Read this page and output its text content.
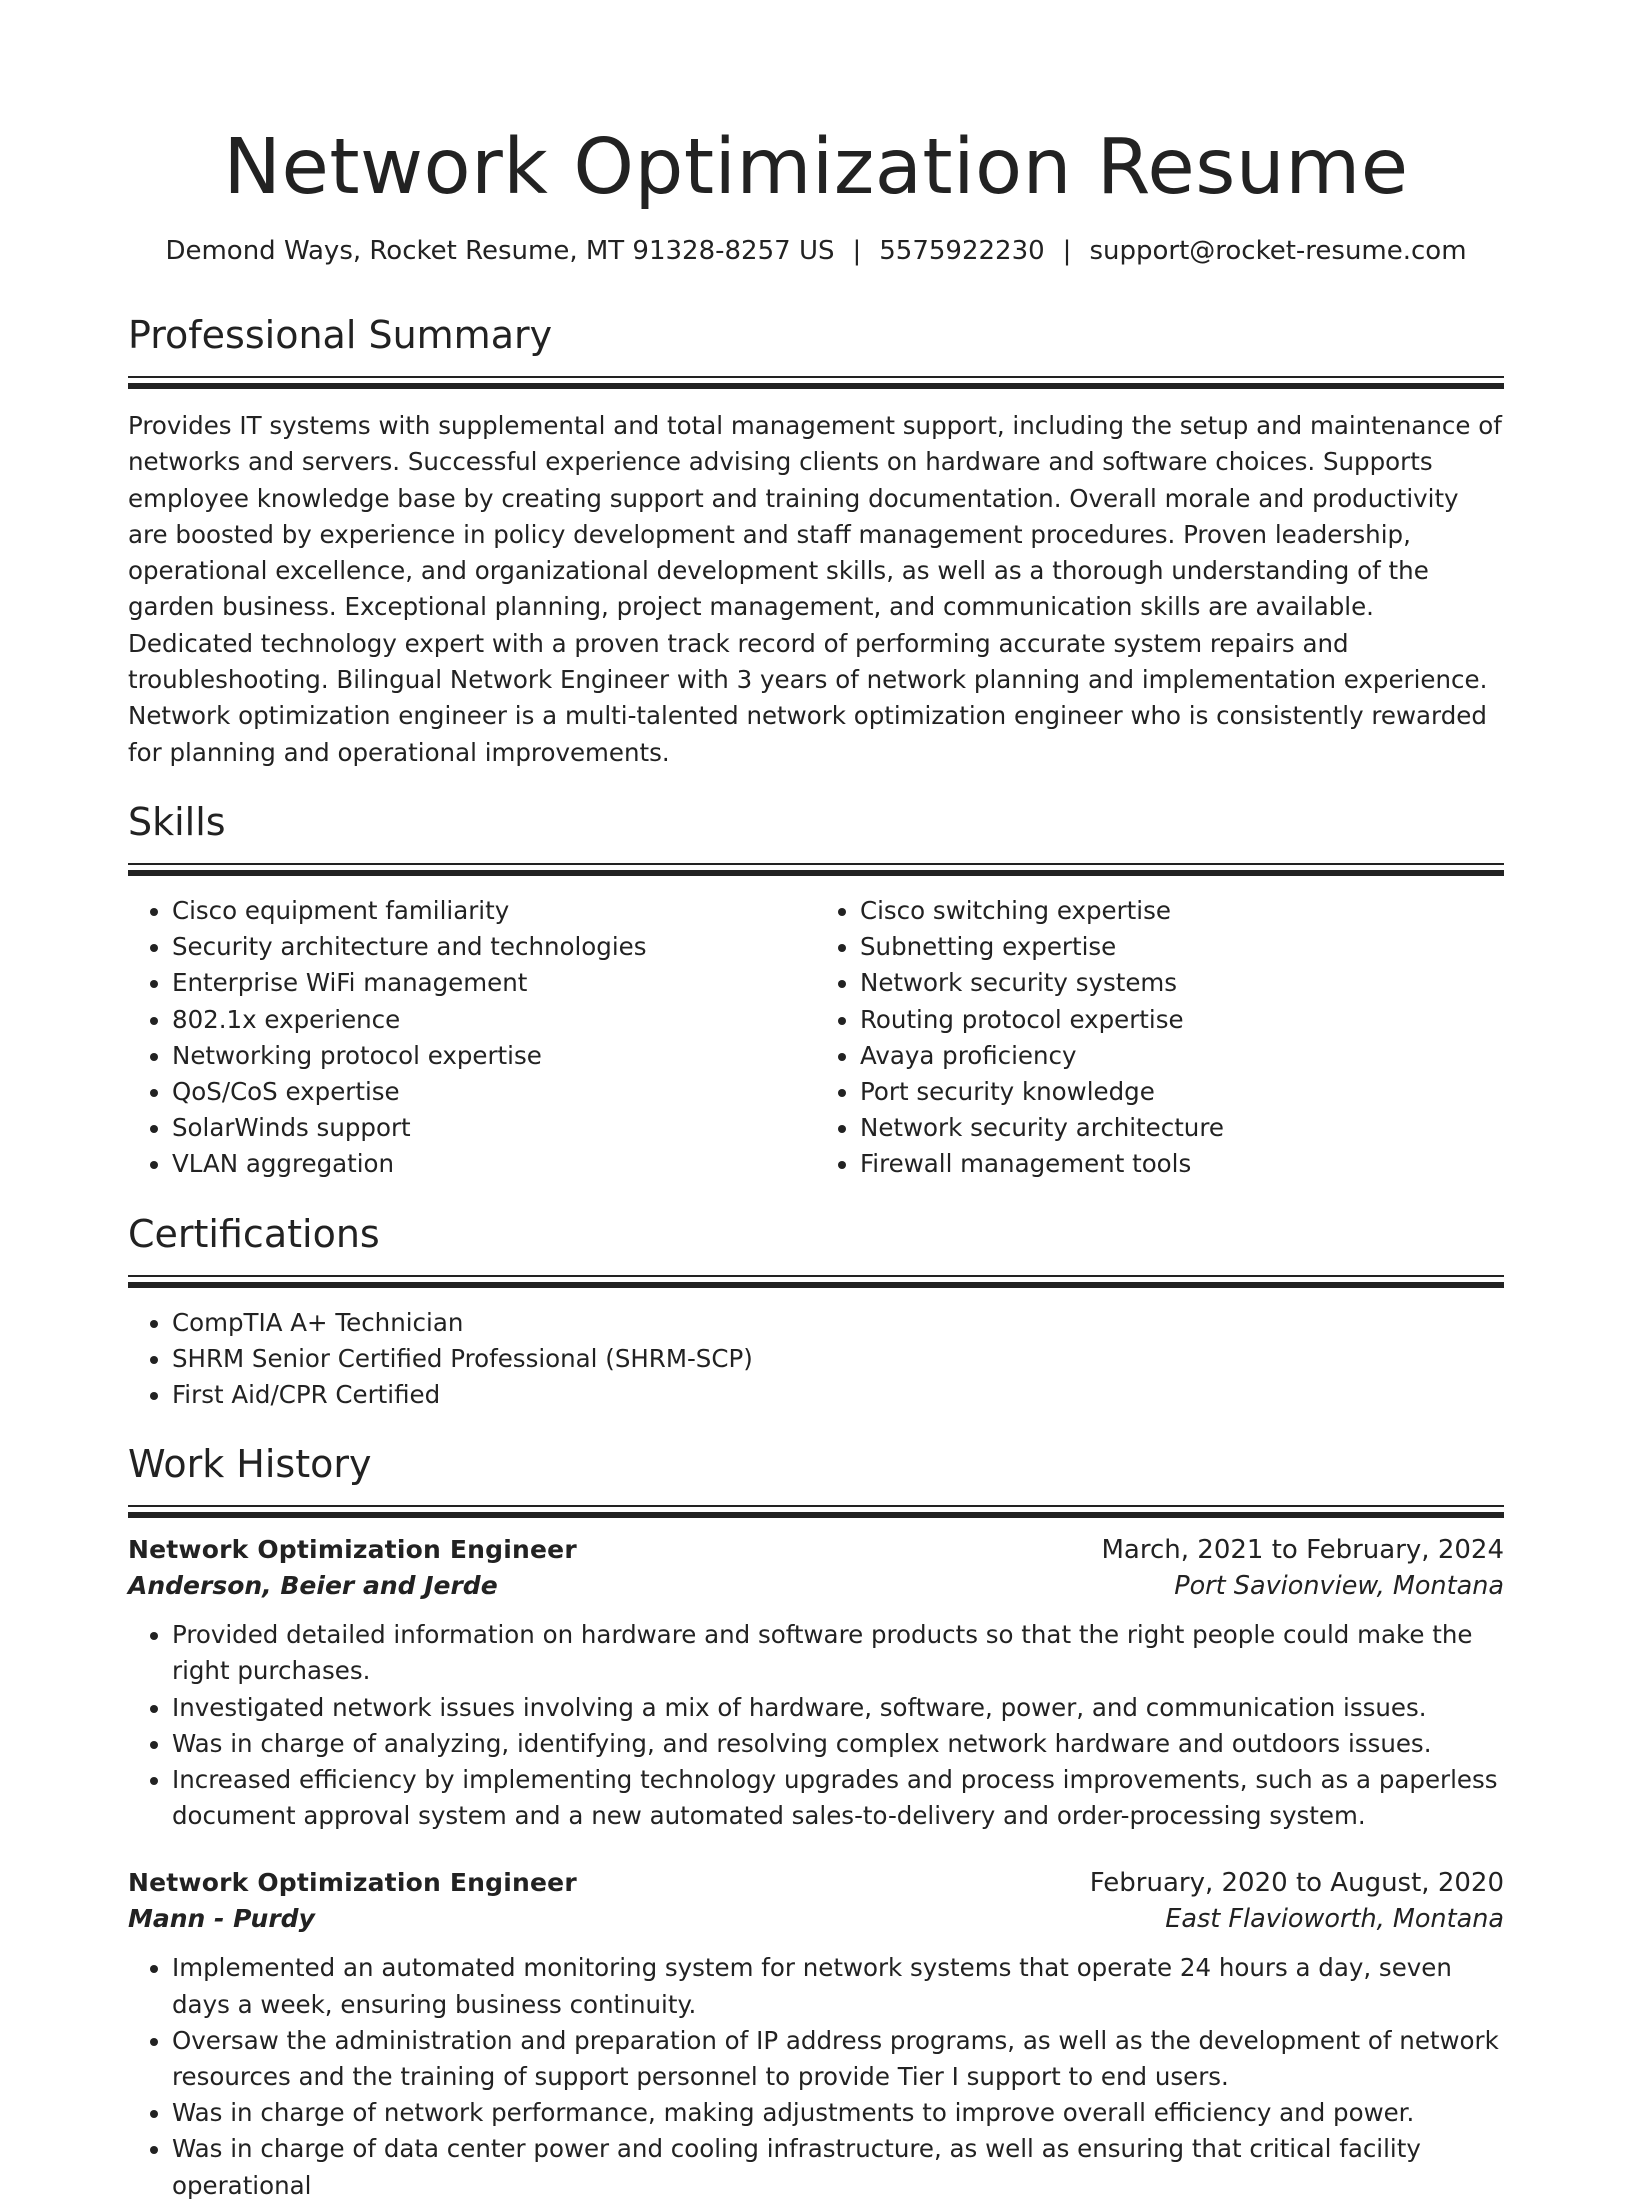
Network Optimization Resume
Demond Ways, Rocket Resume, MT 91328-8257 US | 5575922230 | support@rocket-resume.com
Professional Summary
Provides IT systems with supplemental and total management support, including the setup and maintenance of networks and servers. Successful experience advising clients on hardware and software choices. Supports employee knowledge base by creating support and training documentation. Overall morale and productivity are boosted by experience in policy development and staff management procedures. Proven leadership, operational excellence, and organizational development skills, as well as a thorough understanding of the garden business. Exceptional planning, project management, and communication skills are available. Dedicated technology expert with a proven track record of performing accurate system repairs and troubleshooting. Bilingual Network Engineer with 3 years of network planning and implementation experience. Network optimization engineer is a multi-talented network optimization engineer who is consistently rewarded for planning and operational improvements.
Skills
• Cisco equipment familiarity
• Security architecture and technologies
• Enterprise WiFi management
• 802.1x experience
• Networking protocol expertise
• QoS/CoS expertise
• SolarWinds support
• VLAN aggregation
• Cisco switching expertise
• Subnetting expertise
• Network security systems
• Routing protocol expertise
• Avaya proficiency
• Port security knowledge
• Network security architecture
• Firewall management tools
Certifications
• CompTIA A+ Technician
• SHRM Senior Certified Professional (SHRM-SCP)
• First Aid/CPR Certified
Work History
Network Optimization Engineer	March, 2021 to February, 2024
Anderson, Beier and Jerde	Port Savionview, Montana
• Provided detailed information on hardware and software products so that the right people could make the right purchases.
• Investigated network issues involving a mix of hardware, software, power, and communication issues.
• Was in charge of analyzing, identifying, and resolving complex network hardware and outdoors issues.
• Increased efficiency by implementing technology upgrades and process improvements, such as a paperless document approval system and a new automated sales-to-delivery and order-processing system.
Network Optimization Engineer	February, 2020 to August, 2020
Mann - Purdy	East Flavioworth, Montana
• Implemented an automated monitoring system for network systems that operate 24 hours a day, seven days a week, ensuring business continuity.
• Oversaw the administration and preparation of IP address programs, as well as the development of network resources and the training of support personnel to provide Tier I support to end users.
• Was in charge of network performance, making adjustments to improve overall efficiency and power.
• Was in charge of data center power and cooling infrastructure, as well as ensuring that critical facility operational
